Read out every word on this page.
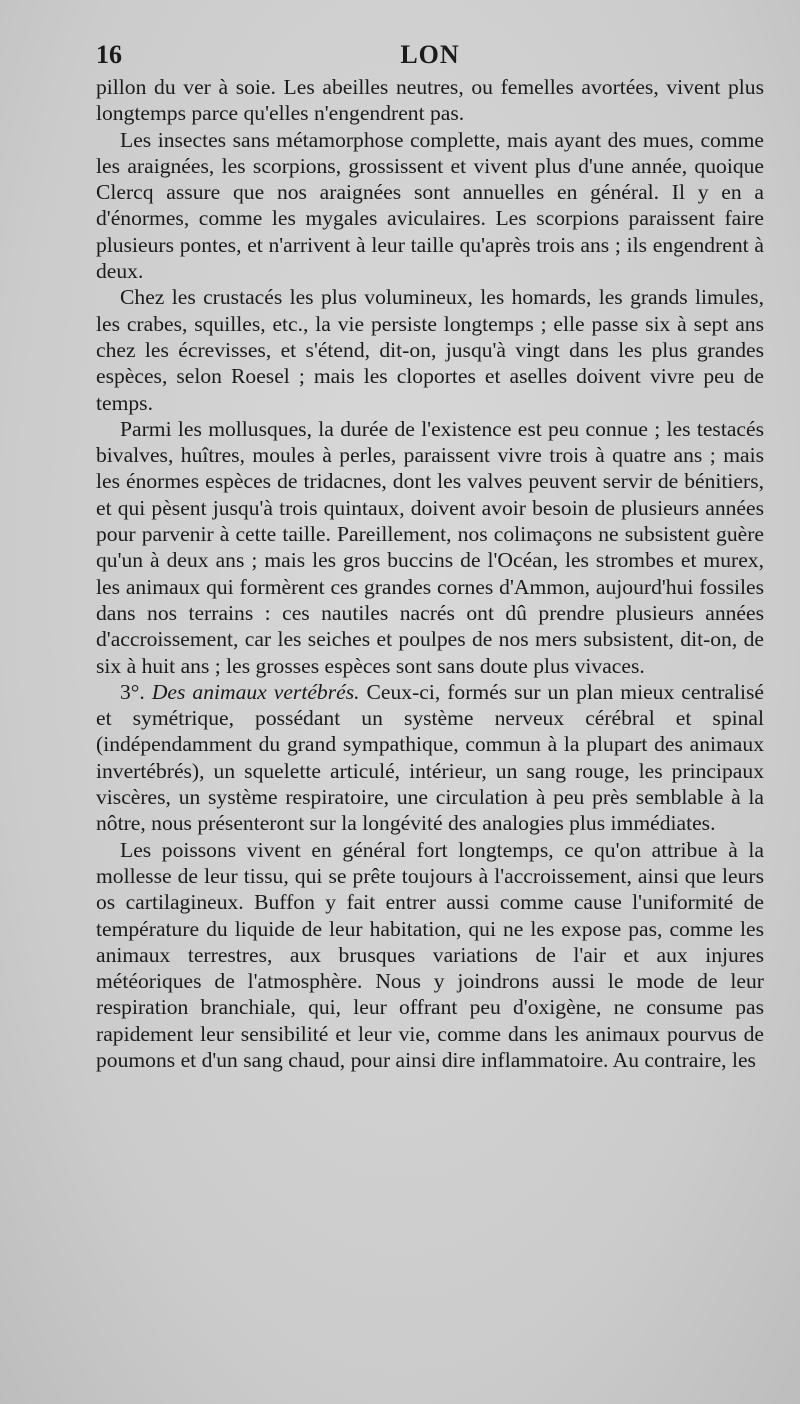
16	LON

pillon du ver à soie. Les abeilles neutres, ou femelles avortées, vivent plus longtemps parce qu'elles n'engendrent pas.

Les insectes sans métamorphose complette, mais ayant des mues, comme les araignées, les scorpions, grossissent et vivent plus d'une année, quoique Clercq assure que nos araignées sont annuelles en général. Il y en a d'énormes, comme les mygales aviculaires. Les scorpions paraissent faire plusieurs pontes, et n'arrivent à leur taille qu'après trois ans ; ils engendrent à deux.

Chez les crustacés les plus volumineux, les homards, les grands limules, les crabes, squilles, etc., la vie persiste longtemps ; elle passe six à sept ans chez les écrevisses, et s'étend, dit-on, jusqu'à vingt dans les plus grandes espèces, selon Roesel ; mais les cloportes et aselles doivent vivre peu de temps.

Parmi les mollusques, la durée de l'existence est peu connue ; les testacés bivalves, huîtres, moules à perles, paraissent vivre trois à quatre ans ; mais les énormes espèces de tridacnes, dont les valves peuvent servir de bénitiers, et qui pèsent jusqu'à trois quintaux, doivent avoir besoin de plusieurs années pour parvenir à cette taille. Pareillement, nos colimaçons ne subsistent guère qu'un à deux ans ; mais les gros buccins de l'Océan, les strombes et murex, les animaux qui formèrent ces grandes cornes d'Ammon, aujourd'hui fossiles dans nos terrains : ces nautiles nacrés ont dû prendre plusieurs années d'accroissement, car les seiches et poulpes de nos mers subsistent, dit-on, de six à huit ans ; les grosses espèces sont sans doute plus vivaces.

3°. Des animaux vertébrés. Ceux-ci, formés sur un plan mieux centralisé et symétrique, possédant un système nerveux cérébral et spinal (indépendamment du grand sympathique, commun à la plupart des animaux invertébrés), un squelette articulé, intérieur, un sang rouge, les principaux viscères, un système respiratoire, une circulation à peu près semblable à la nôtre, nous présenteront sur la longévité des analogies plus immédiates.

Les poissons vivent en général fort longtemps, ce qu'on attribue à la mollesse de leur tissu, qui se prête toujours à l'accroissement, ainsi que leurs os cartilagineux. Buffon y fait entrer aussi comme cause l'uniformité de température du liquide de leur habitation, qui ne les expose pas, comme les animaux terrestres, aux brusques variations de l'air et aux injures météoriques de l'atmosphère. Nous y joindrons aussi le mode de leur respiration branchiale, qui, leur offrant peu d'oxigène, ne consume pas rapidement leur sensibilité et leur vie, comme dans les animaux pourvus de poumons et d'un sang chaud, pour ainsi dire inflammatoire. Au contraire, les
